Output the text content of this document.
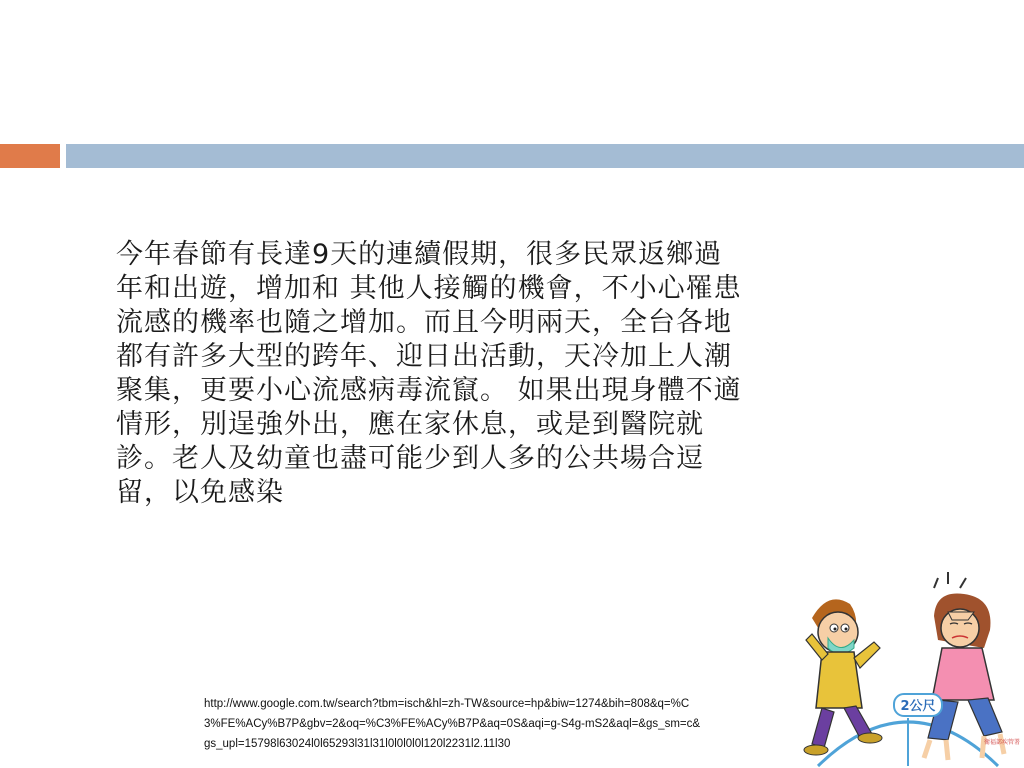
今年春節有長達9天的連續假期，很多民眾返鄉過年和出遊，增加和 其他人接觸的機會，不小心罹患流感的機率也隨之增加。而且今明兩天，全台各地都有許多大型的跨年、迎日出活動，天冷加上人潮聚集，更要小心流感病毒流竄。 如果出現身體不適情形，別逞強外出，應在家休息，或是到醫院就診。老人及幼童也盡可能少到人多的公共場合逗留，以免感染
http://www.google.com.tw/search?tbm=isch&hl=zh-TW&source=hp&biw=1274&bih=808&q=%C3%FE%ACy%B7P&gbv=2&oq=%C3%FE%ACy%B7P&aq=0S&aqi=g-S4g-mS2&aql=&gs_sm=c&gs_upl=15798l63024l0l65293l31l31l0l0l0l0l120l2231l2.11l30
2公尺
衛福部疾管署
